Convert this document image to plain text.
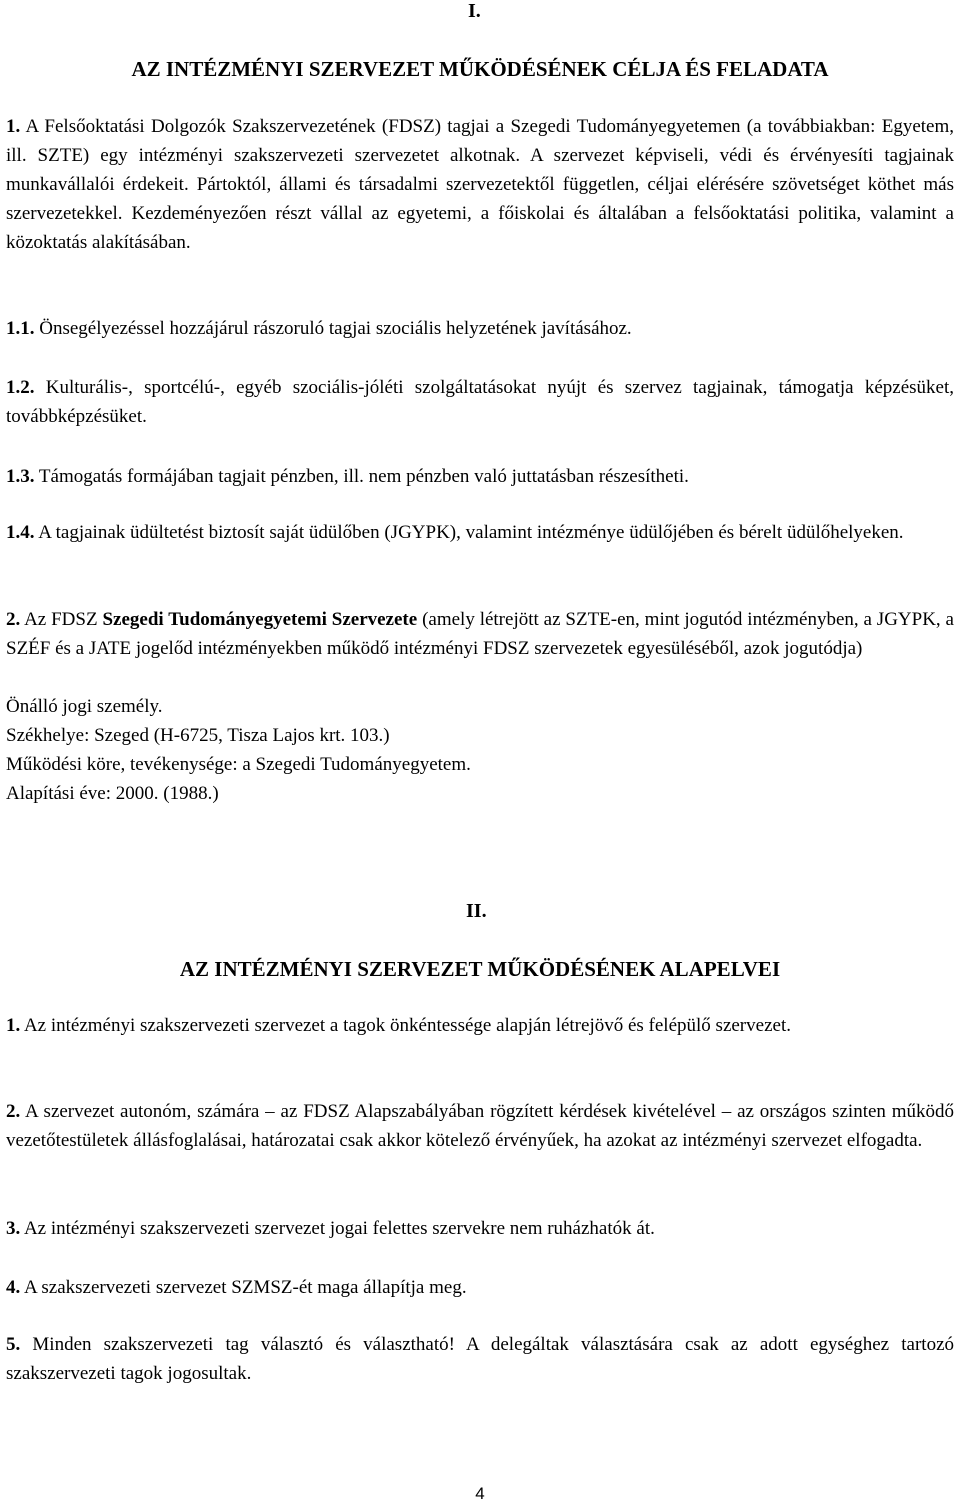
I.
AZ INTÉZMÉNYI SZERVEZET MŰKÖDÉSÉNEK CÉLJA ÉS FELADATA

1. A Felsőoktatási Dolgozók Szakszervezetének (FDSZ) tagjai a Szegedi Tudományegyetemen (a továbbiakban: Egyetem, ill. SZTE) egy intézményi szakszervezeti szervezetet alkotnak. A szervezet képviseli, védi és érvényesíti tagjainak munkavállalói érdekeit. Pártoktól, állami és társadalmi szervezetektől független, céljai elérésére szövetséget köthet más szervezetekkel. Kezdeményezően részt vállal az egyetemi, a főiskolai és általában a felsőoktatási politika, valamint a közoktatás alakításában.

1.1. Önsegélyezéssel hozzájárul rászoruló tagjai szociális helyzetének javításához.

1.2. Kulturális-, sportcélú-, egyéb szociális-jóléti szolgáltatásokat nyújt és szervez tagjainak, támogatja képzésüket, továbbképzésüket.

1.3. Támogatás formájában tagjait pénzben, ill. nem pénzben való juttatásban részesítheti.

1.4. A tagjainak üdültetést biztosít saját üdülőben (JGYPK), valamint intézménye üdülőjében és bérelt üdülőhelyeken.

2. Az FDSZ Szegedi Tudományegyetemi Szervezete (amely létrejött az SZTE-en, mint jogutód intézményben, a JGYPK, a SZÉF és a JATE jogelőd intézményekben működő intézményi FDSZ szervezetek egyesüléséből, azok jogutódja)

Önálló jogi személy.
Székhelye: Szeged (H-6725, Tisza Lajos krt. 103.)
Működési köre, tevékenysége: a Szegedi Tudományegyetem.
Alapítási éve: 2000. (1988.)
II.
AZ INTÉZMÉNYI SZERVEZET MŰKÖDÉSÉNEK ALAPELVEI

1. Az intézményi szakszervezeti szervezet a tagok önkéntessége alapján létrejövő és felépülő szervezet.

2. A szervezet autonóm, számára – az FDSZ Alapszabályában rögzített kérdések kivételével – az országos szinten működő vezetőtestületek állásfoglalásai, határozatai csak akkor kötelező érvényűek, ha azokat az intézményi szervezet elfogadta.

3. Az intézményi szakszervezeti szervezet jogai felettes szervekre nem ruházhatók át.

4. A szakszervezeti szervezet SZMSZ-ét maga állapítja meg.

5. Minden szakszervezeti tag választó és választható! A delegáltak választására csak az adott egységhez tartozó szakszervezeti tagok jogosultak.

4
